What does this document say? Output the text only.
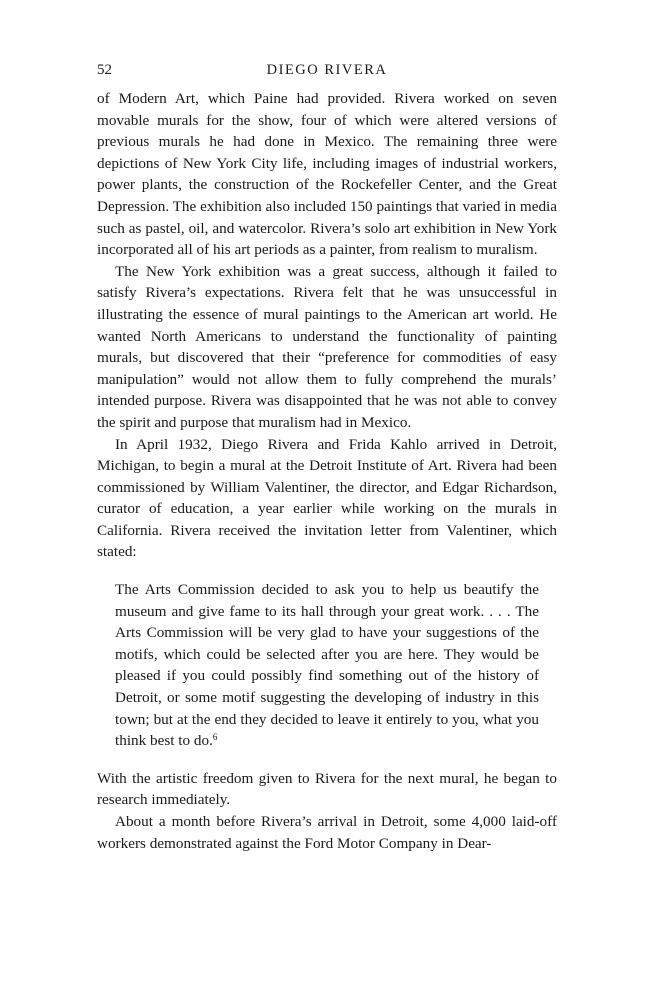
52	DIEGO RIVERA

of Modern Art, which Paine had provided. Rivera worked on seven movable murals for the show, four of which were altered versions of previous murals he had done in Mexico. The remaining three were depictions of New York City life, including images of industrial workers, power plants, the construction of the Rockefeller Center, and the Great Depression. The exhibition also included 150 paintings that varied in media such as pastel, oil, and watercolor. Rivera’s solo art exhibition in New York incorporated all of his art periods as a painter, from realism to muralism.

The New York exhibition was a great success, although it failed to satisfy Rivera’s expectations. Rivera felt that he was unsuccessful in illustrating the essence of mural paintings to the American art world. He wanted North Americans to understand the functionality of painting murals, but discovered that their “preference for commodities of easy manipulation” would not allow them to fully comprehend the murals’ intended purpose. Rivera was disappointed that he was not able to convey the spirit and purpose that muralism had in Mexico.

In April 1932, Diego Rivera and Frida Kahlo arrived in Detroit, Michigan, to begin a mural at the Detroit Institute of Art. Rivera had been commissioned by William Valentiner, the director, and Edgar Richardson, curator of education, a year earlier while working on the murals in California. Rivera received the invitation letter from Valentiner, which stated:

The Arts Commission decided to ask you to help us beautify the museum and give fame to its hall through your great work. . . . The Arts Commission will be very glad to have your suggestions of the motifs, which could be selected after you are here. They would be pleased if you could possibly find something out of the history of Detroit, or some motif suggesting the developing of industry in this town; but at the end they decided to leave it entirely to you, what you think best to do.$^6$

With the artistic freedom given to Rivera for the next mural, he began to research immediately.

About a month before Rivera’s arrival in Detroit, some 4,000 laid-off workers demonstrated against the Ford Motor Company in Dear-
